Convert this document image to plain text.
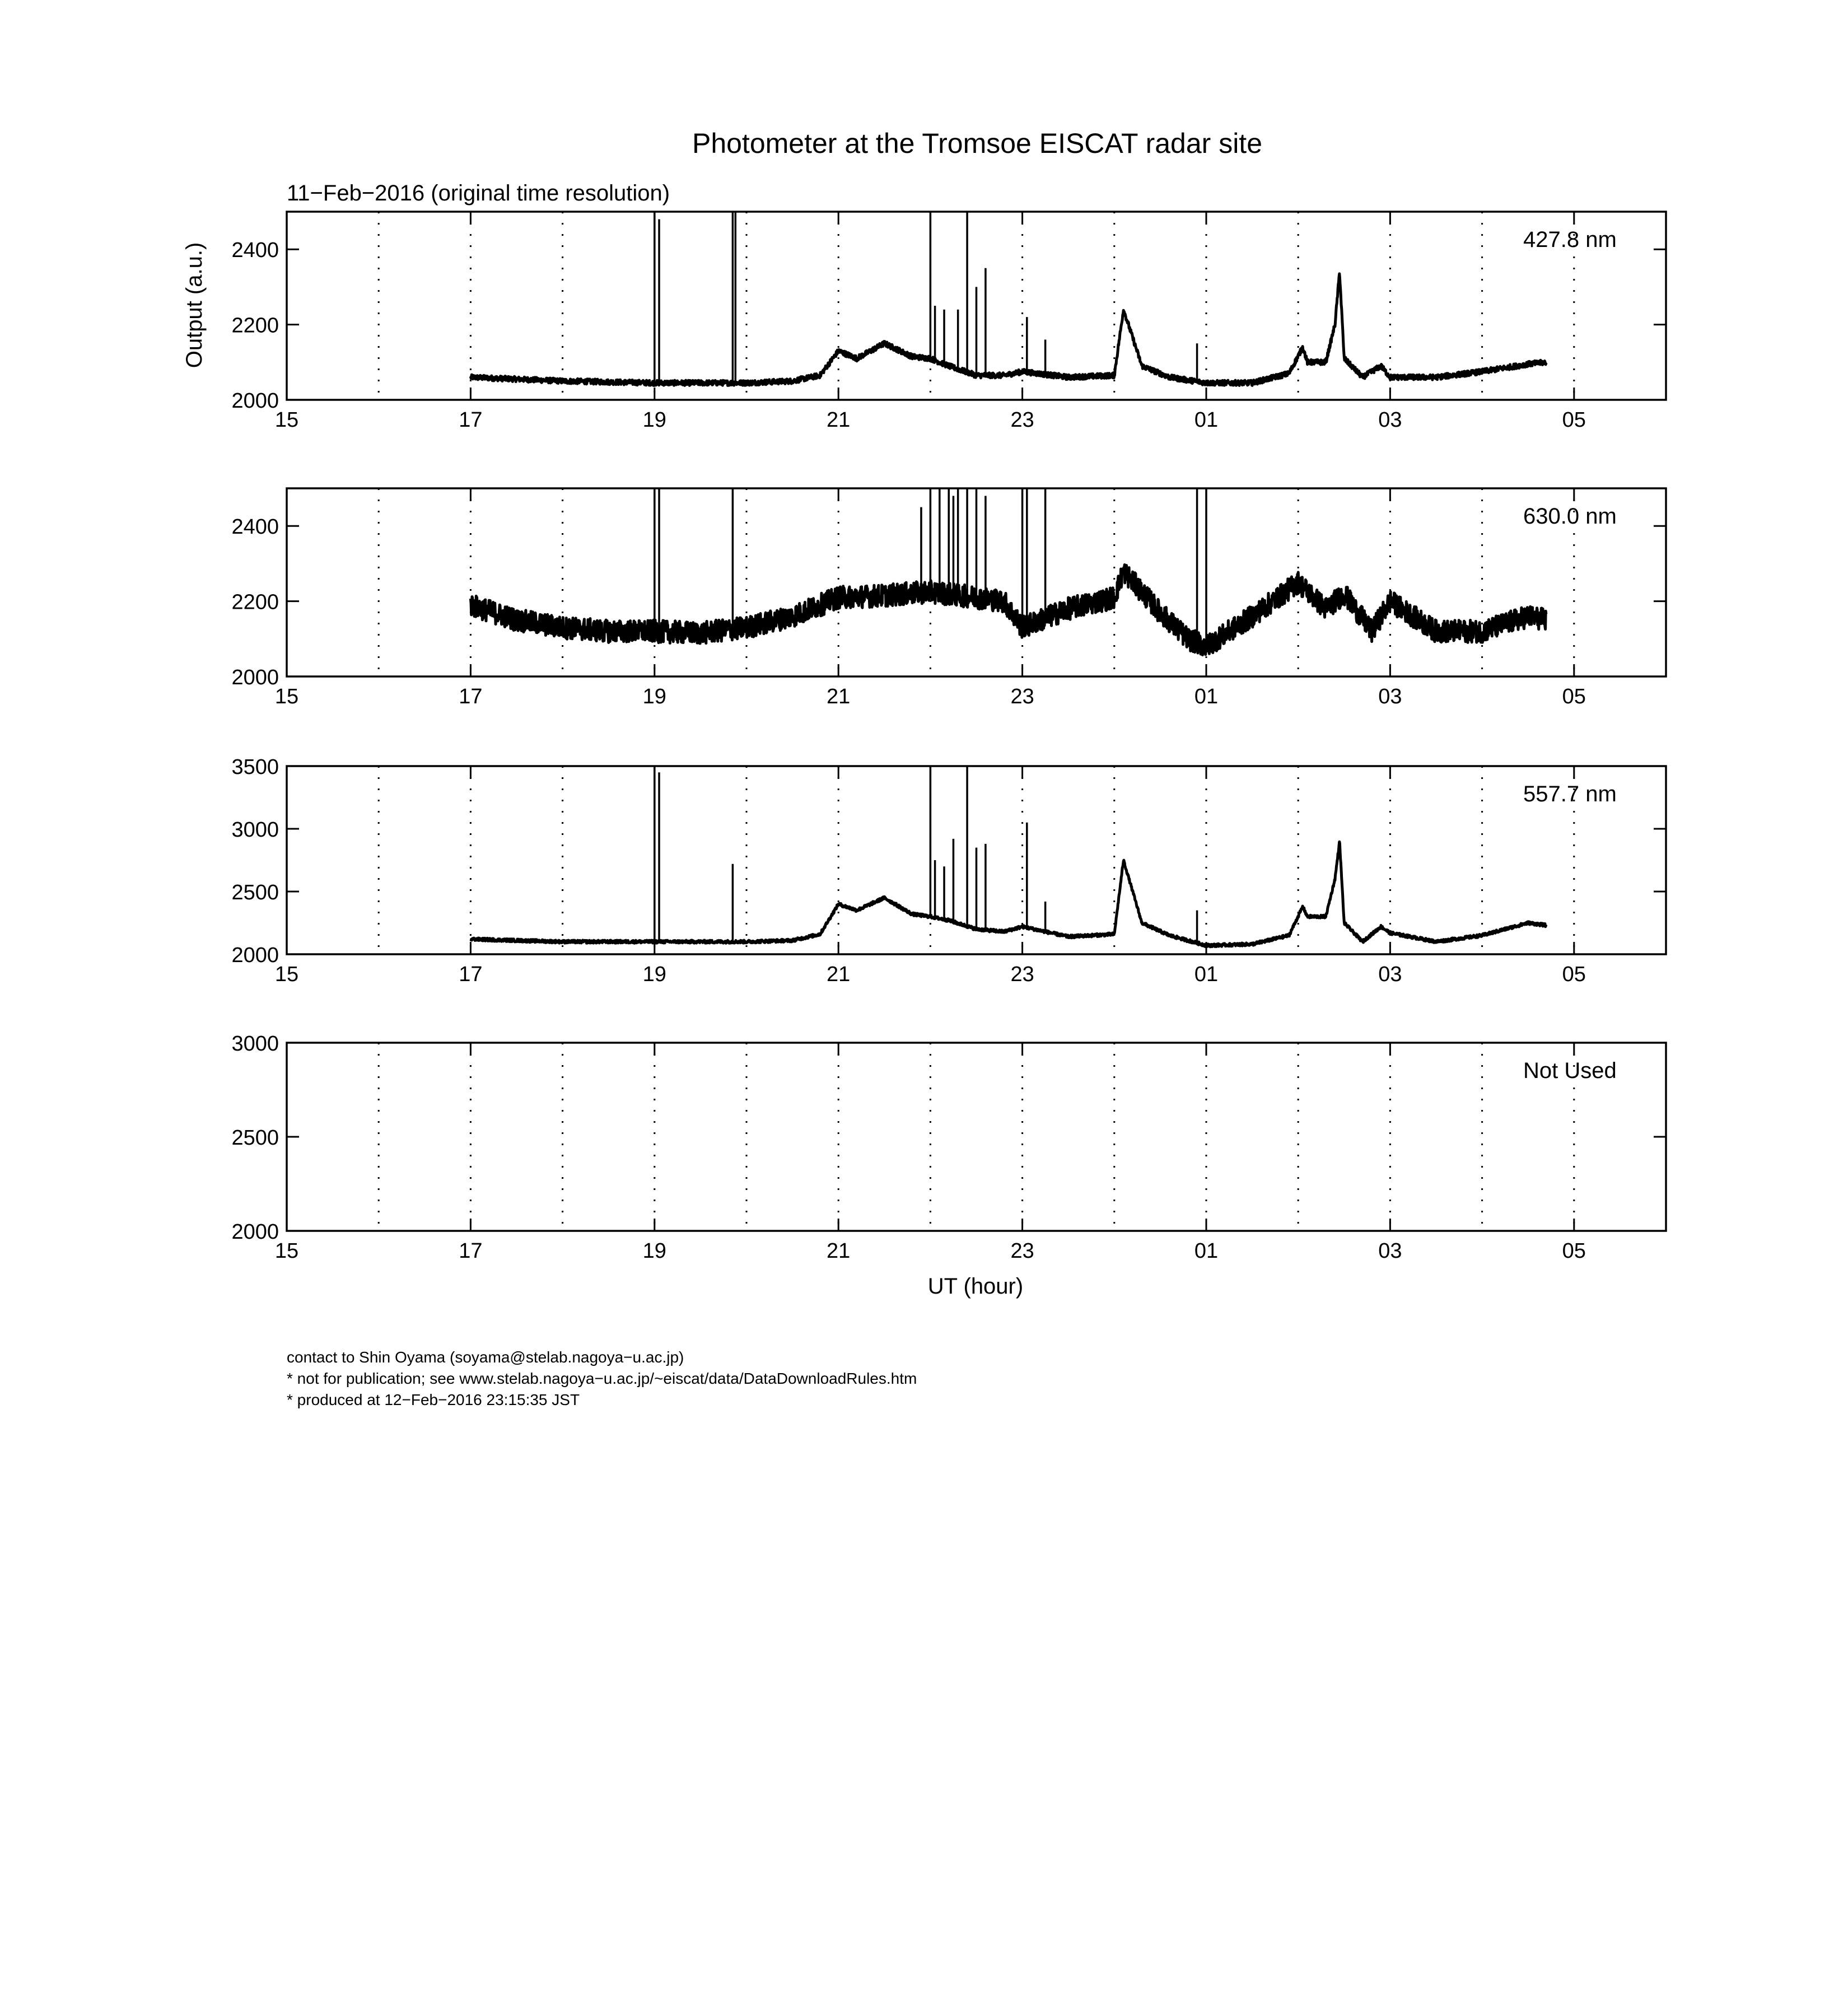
Photometer at the Tromsoe EISCAT radar site
11−Feb−2016 (original time resolution)
Output (a.u.)
UT (hour)
15	17	19	21	23	01	03	05
2000
2200
2400	427.8 nm
15	17	19	21	23	01	03	05
2000
2200
2400	630.0 nm
15	17	19	21	23	01	03	05
2000
2500
3000
3500
557.7 nm
15	17	19	21	23	01	03	05
2000
2500
3000
Not Used
contact to Shin Oyama (soyama@stelab.nagoya−u.ac.jp)
* not for publication; see www.stelab.nagoya−u.ac.jp/~eiscat/data/DataDownloadRules.htm
* produced at 12−Feb−2016 23:15:35 JST
